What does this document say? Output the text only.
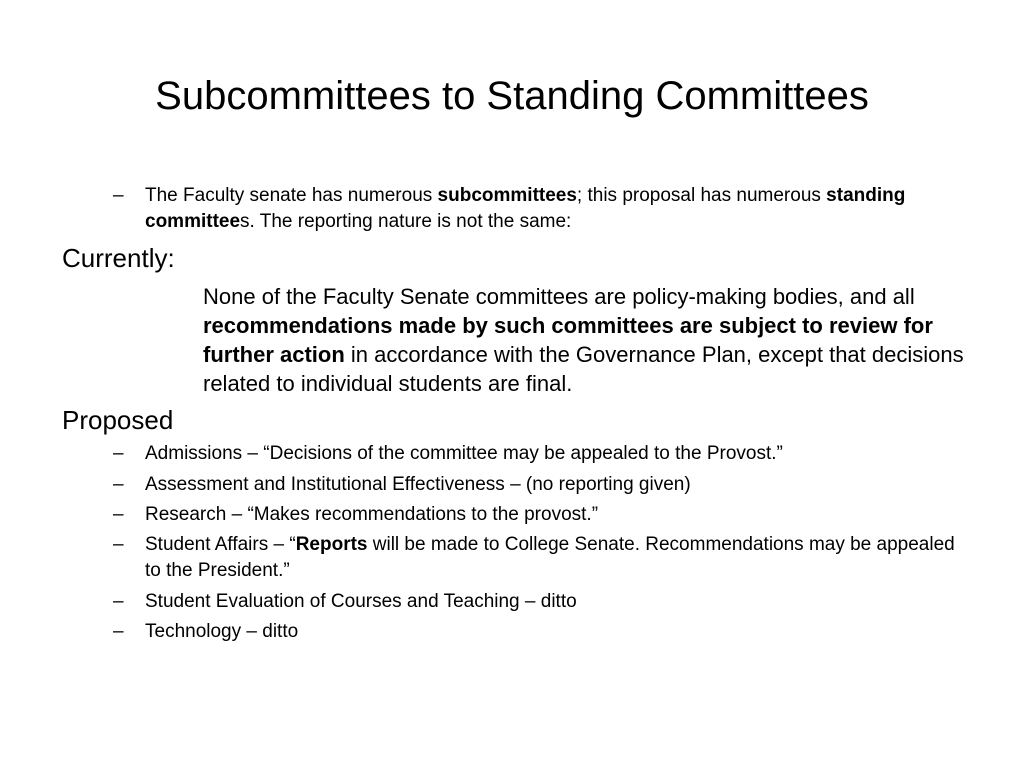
Subcommittees to Standing Committees
– The Faculty senate has numerous subcommittees; this proposal has numerous standing committees. The reporting nature is not the same:
Currently:
None of the Faculty Senate committees are policy-making bodies, and all recommendations made by such committees are subject to review for further action in accordance with the Governance Plan, except that decisions related to individual students are final.
Proposed
– Admissions – “Decisions of the committee may be appealed to the Provost.”
– Assessment and Institutional Effectiveness – (no reporting given)
– Research – “Makes recommendations to the provost.”
– Student Affairs – “Reports will be made to College Senate. Recommendations may be appealed to the President.”
– Student Evaluation of Courses and Teaching – ditto
– Technology – ditto
